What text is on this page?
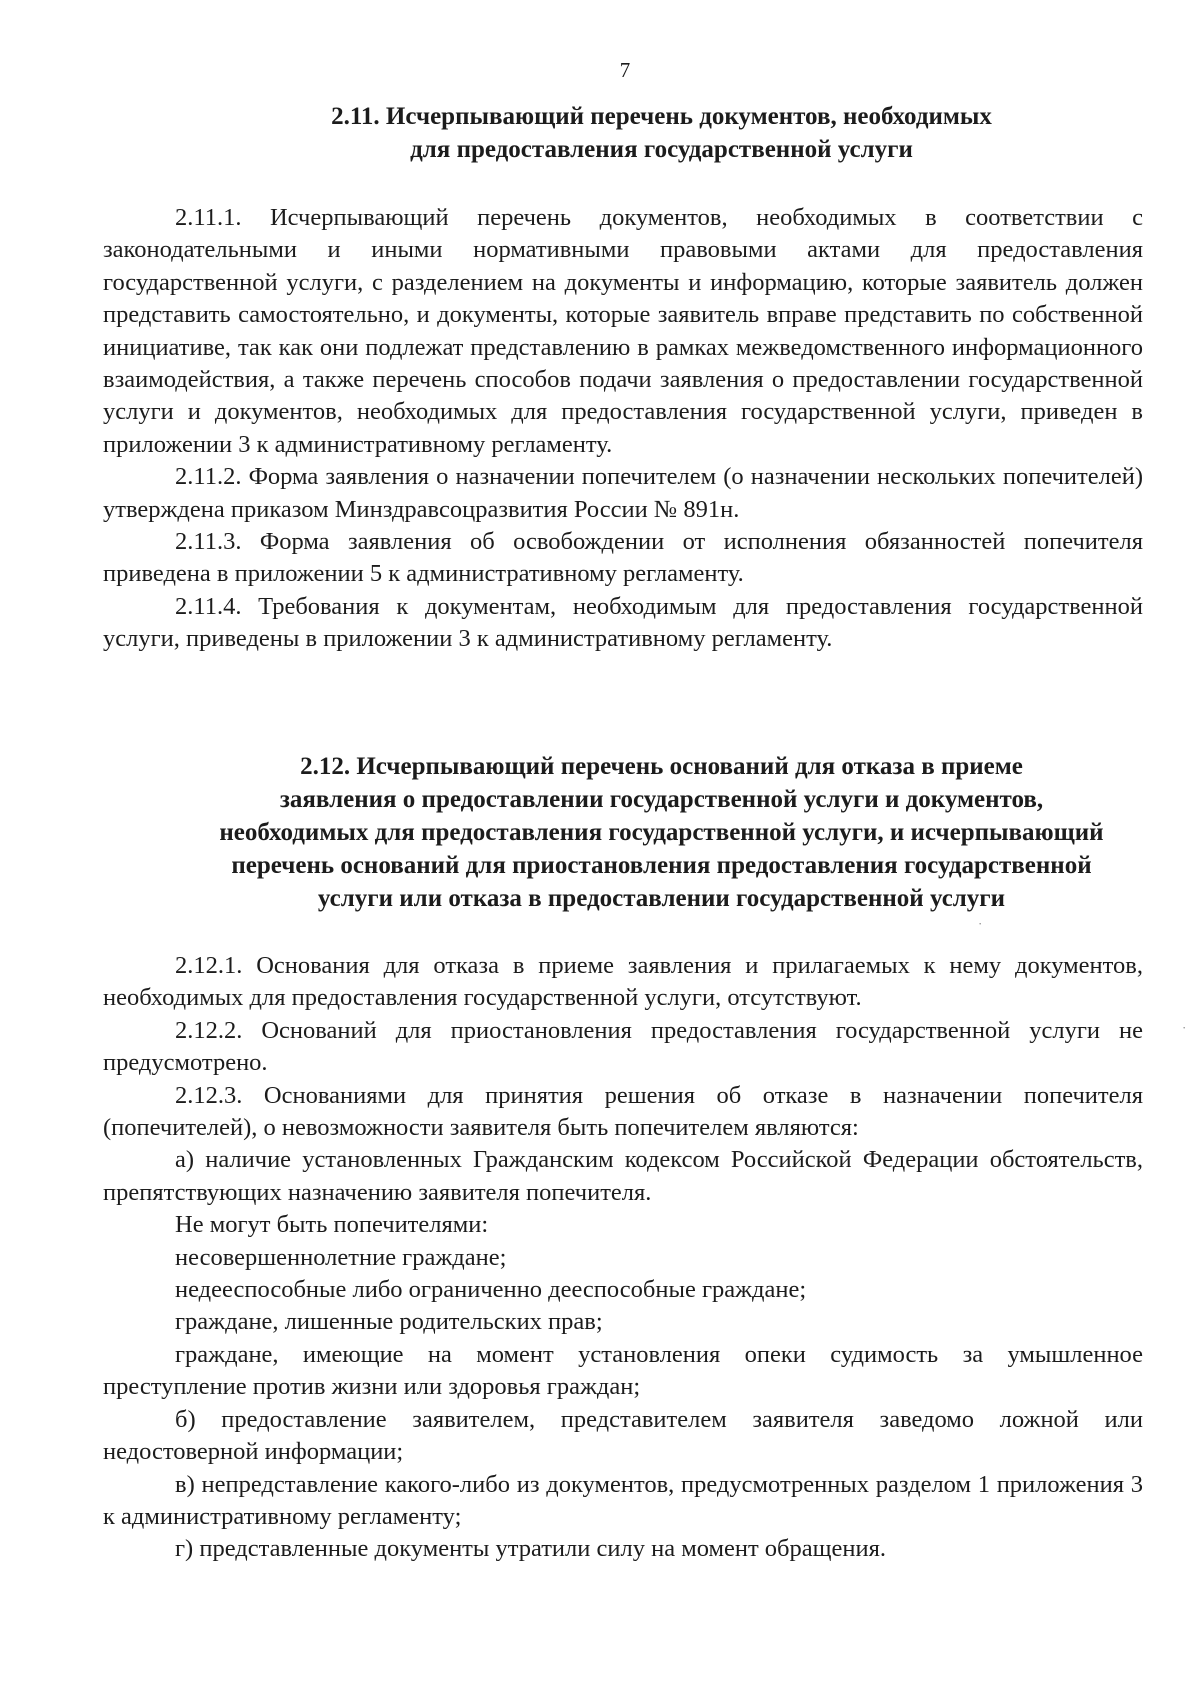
7
2.11. Исчерпывающий перечень документов, необходимых
для предоставления государственной услуги

2.11.1. Исчерпывающий перечень документов, необходимых в соответствии с законодательными и иными нормативными правовыми актами для предоставления государственной услуги, с разделением на документы и информацию, которые заявитель должен представить самостоятельно, и документы, которые заявитель вправе представить по собственной инициативе, так как они подлежат представлению в рамках межведомственного информационного взаимодействия, а также перечень способов подачи заявления о предоставлении государственной услуги и документов, необходимых для предоставления государственной услуги, приведен в приложении 3 к административному регламенту.

2.11.2. Форма заявления о назначении попечителем (о назначении нескольких попечителей) утверждена приказом Минздравсоцразвития России № 891н.

2.11.3. Форма заявления об освобождении от исполнения обязанностей попечителя приведена в приложении 5 к административному регламенту.

2.11.4. Требования к документам, необходимым для предоставления государственной услуги, приведены в приложении 3 к административному регламенту.

2.12. Исчерпывающий перечень оснований для отказа в приеме
заявления о предоставлении государственной услуги и документов,
необходимых для предоставления государственной услуги, и исчерпывающий
перечень оснований для приостановления предоставления государственной
услуги или отказа в предоставлении государственной услуги

2.12.1. Основания для отказа в приеме заявления и прилагаемых к нему документов, необходимых для предоставления государственной услуги, отсутствуют.

2.12.2. Оснований для приостановления предоставления государственной услуги не предусмотрено.

2.12.3. Основаниями для принятия решения об отказе в назначении попечителя (попечителей), о невозможности заявителя быть попечителем являются:

а) наличие установленных Гражданским кодексом Российской Федерации обстоятельств, препятствующих назначению заявителя попечителя.

Не могут быть попечителями:

несовершеннолетние граждане;

недееспособные либо ограниченно дееспособные граждане;

граждане, лишенные родительских прав;

граждане, имеющие на момент установления опеки судимость за умышленное преступление против жизни или здоровья граждан;

б) предоставление заявителем, представителем заявителя заведомо ложной или недостоверной информации;

в) непредставление какого-либо из документов, предусмотренных разделом 1 приложения 3 к административному регламенту;

г) представленные документы утратили силу на момент обращения.

·
·
